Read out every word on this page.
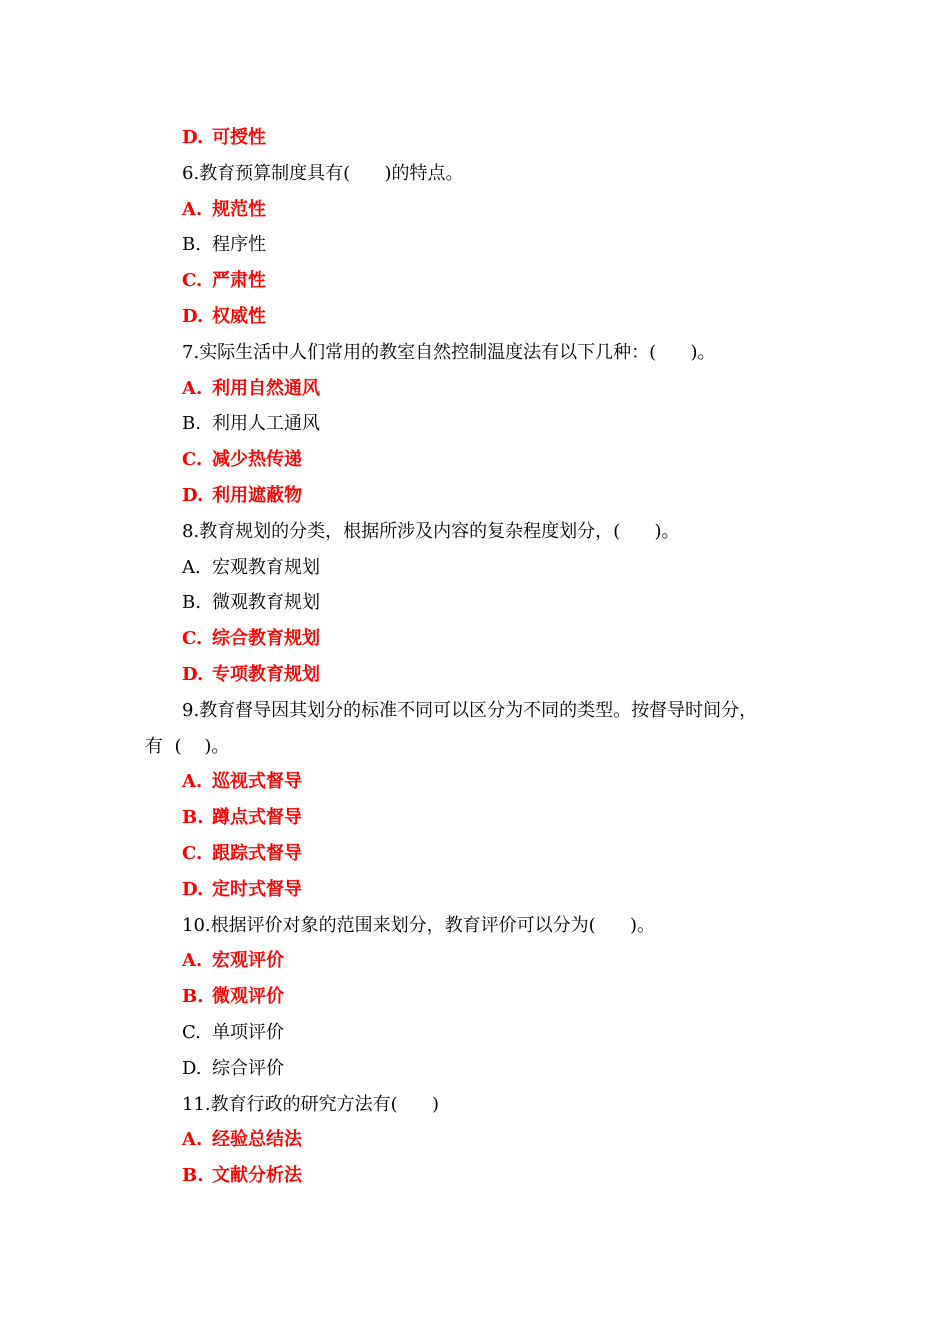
D. 可授性
6.教育预算制度具有(      )的特点。
A. 规范性
B. 程序性
C. 严肃性
D. 权威性
7.实际生活中人们常用的教室自然控制温度法有以下几种：(      )。
A. 利用自然通风
B. 利用人工通风
C. 减少热传递
D. 利用遮蔽物
8.教育规划的分类，根据所涉及内容的复杂程度划分，(      )。
A. 宏观教育规划
B. 微观教育规划
C. 综合教育规划
D. 专项教育规划
9.教育督导因其划分的标准不同可以区分为不同的类型。按督导时间分，
有  (    )。
A. 巡视式督导
B. 蹲点式督导
C. 跟踪式督导
D. 定时式督导
10.根据评价对象的范围来划分，教育评价可以分为(      )。
A. 宏观评价
B. 微观评价
C. 单项评价
D. 综合评价
11.教育行政的研究方法有(      )
A. 经验总结法
B. 文献分析法
